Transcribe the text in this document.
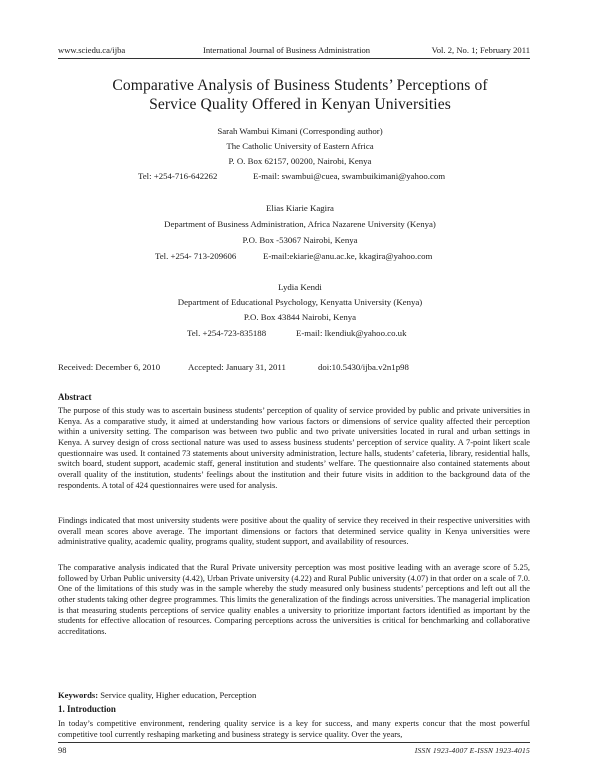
www.sciedu.ca/ijba	International Journal of Business Administration	Vol. 2, No. 1; February 2011
Comparative Analysis of Business Students’ Perceptions of
Service Quality Offered in Kenyan Universities
Sarah Wambui Kimani (Corresponding author)
The Catholic University of Eastern Africa
P. O. Box 62157, 00200, Nairobi, Kenya
Tel: +254-716-642262	E-mail: swambui@cuea, swambuikimani@yahoo.com
Elias Kiarie Kagira
Department of Business Administration, Africa Nazarene University (Kenya)
P.O. Box -53067 Nairobi, Kenya
Tel. +254- 713-209606	E-mail:ekiarie@anu.ac.ke, kkagira@yahoo.com
Lydia Kendi
Department of Educational Psychology, Kenyatta University (Kenya)
P.O. Box 43844 Nairobi, Kenya
Tel. +254-723-835188	E-mail: lkendiuk@yahoo.co.uk
Received: December 6, 2010	Accepted: January 31, 2011	doi:10.5430/ijba.v2n1p98
Abstract

The purpose of this study was to ascertain business students’ perception of quality of service provided by public and private universities in Kenya. As a comparative study, it aimed at understanding how various factors or dimensions of service quality affected their perception within a university setting. The comparison was between two public and two private universities located in rural and urban settings in Kenya. A survey design of cross sectional nature was used to assess business students’ perception of service quality. A 7-point likert scale questionnaire was used. It contained 73 statements about university administration, lecture halls, students’ cafeteria, library, residential halls, switch board, student support, academic staff, general institution and students’ welfare. The questionnaire also contained statements about overall quality of the institution, students’ feelings about the institution and their future visits in addition to the background data of the respondents. A total of 424 questionnaires were used for analysis.

Findings indicated that most university students were positive about the quality of service they received in their respective universities with overall mean scores above average. The important dimensions or factors that determined service quality in Kenya universities were administrative quality, academic quality, programs quality, student support, and availability of resources.

The comparative analysis indicated that the Rural Private university perception was most positive leading with an average score of 5.25, followed by Urban Public university (4.42), Urban Private university (4.22) and Rural Public university (4.07) in that order on a scale of 7.0. One of the limitations of this study was in the sample whereby the study measured only business students’ perceptions and left out all the other students taking other degree programmes. This limits the generalization of the findings across universities. The managerial implication is that measuring students perceptions of service quality enables a university to prioritize important factors identified as important by the students for effective allocation of resources. Comparing perceptions across the universities is critical for benchmarking and collaborative accreditations.

Keywords: Service quality, Higher education, Perception
1. Introduction

In today’s competitive environment, rendering quality service is a key for success, and many experts concur that the most powerful competitive tool currently reshaping marketing and business strategy is service quality. Over the years,

98	ISSN 1923-4007 E-ISSN 1923-4015
